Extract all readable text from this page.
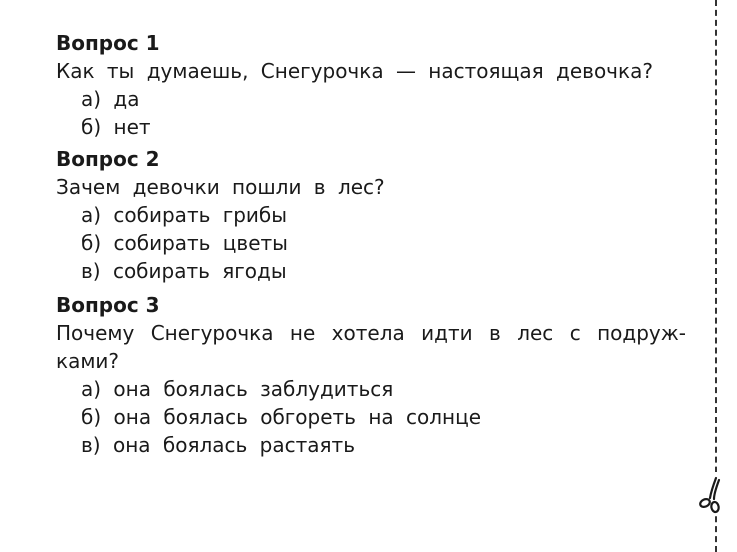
Вопрос 1

Как ты думаешь, Снегурочка — настоящая девочка?

а) да
б) нет

Вопрос 2

Зачем девочки пошли в лес?

а) собирать грибы
б) собирать цветы
в) собирать ягоды

Вопрос 3

Почему Снегурочка не хотела идти в лес с подруж-ками?

а) она боялась заблудиться
б) она боялась обгореть на солнце
в) она боялась растаять
